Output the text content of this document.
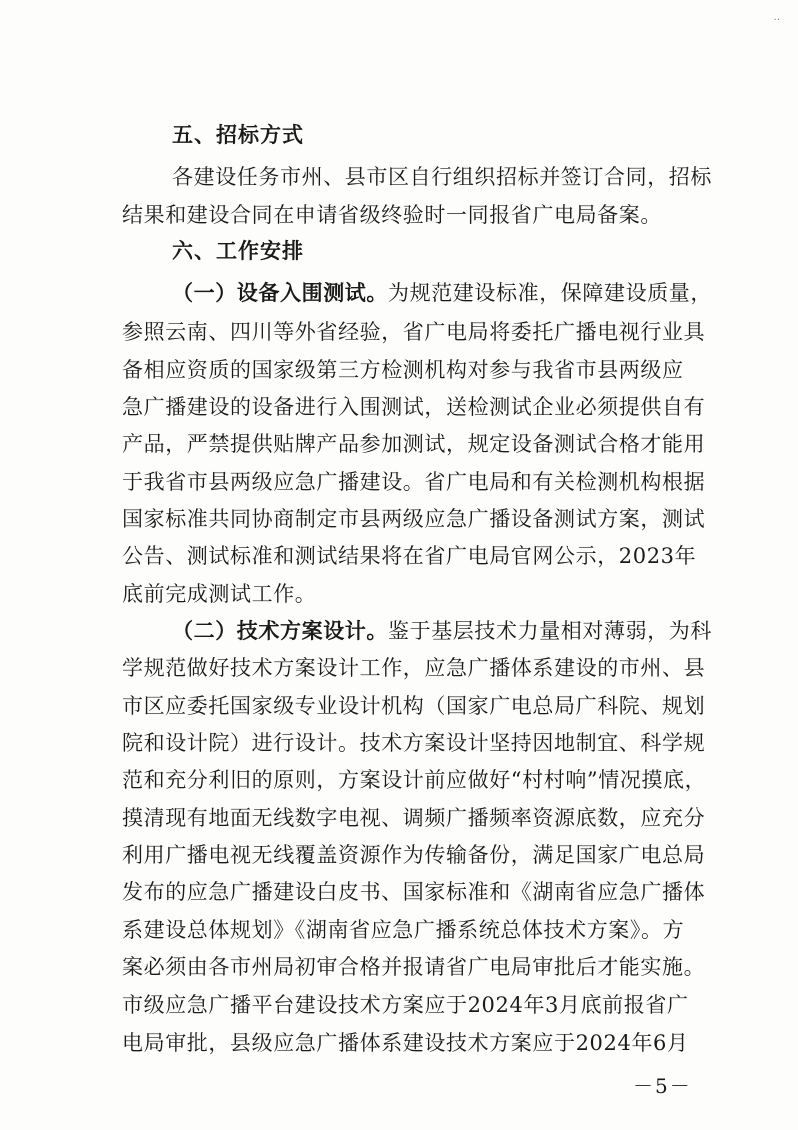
..
五、招标方式
各建设任务市州、县市区自行组织招标并签订合同，招标
结果和建设合同在申请省级终验时一同报省广电局备案。
六、工作安排
（一）设备入围测试。为规范建设标准，保障建设质量，
参照云南、四川等外省经验，省广电局将委托广播电视行业具
备相应资质的国家级第三方检测机构对参与我省市县两级应
急广播建设的设备进行入围测试，送检测试企业必须提供自有
产品，严禁提供贴牌产品参加测试，规定设备测试合格才能用
于我省市县两级应急广播建设。省广电局和有关检测机构根据
国家标准共同协商制定市县两级应急广播设备测试方案，测试
公告、测试标准和测试结果将在省广电局官网公示，2023年
底前完成测试工作。
（二）技术方案设计。鉴于基层技术力量相对薄弱，为科
学规范做好技术方案设计工作，应急广播体系建设的市州、县
市区应委托国家级专业设计机构（国家广电总局广科院、规划
院和设计院）进行设计。技术方案设计坚持因地制宜、科学规
范和充分利旧的原则，方案设计前应做好“村村响”情况摸底，
摸清现有地面无线数字电视、调频广播频率资源底数，应充分
利用广播电视无线覆盖资源作为传输备份，满足国家广电总局
发布的应急广播建设白皮书、国家标准和《湖南省应急广播体
系建设总体规划》《湖南省应急广播系统总体技术方案》。方
案必须由各市州局初审合格并报请省广电局审批后才能实施。
市级应急广播平台建设技术方案应于2024年3月底前报省广
电局审批，县级应急广播体系建设技术方案应于2024年6月
－5－
